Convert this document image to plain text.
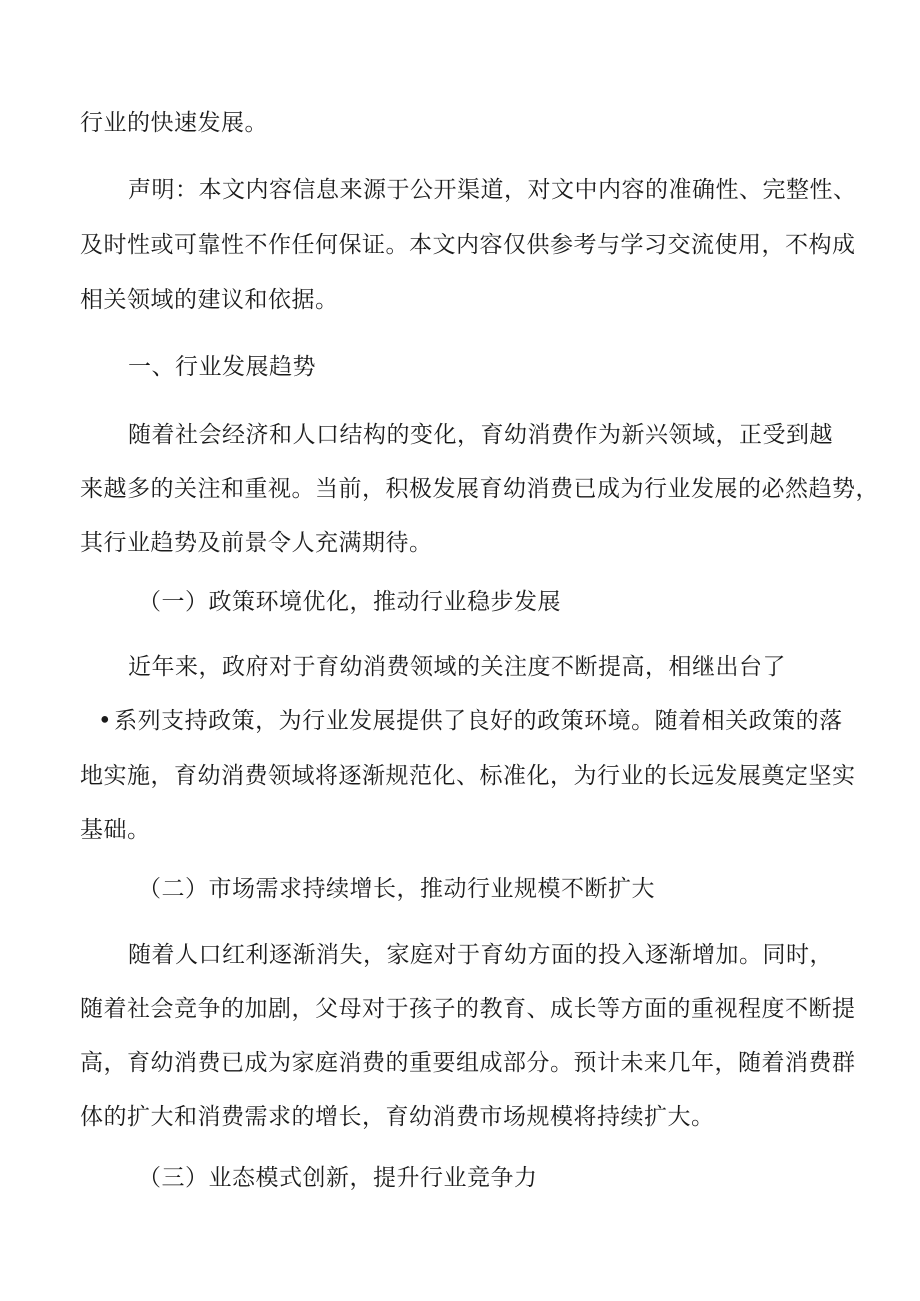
行业的快速发展。
声明：本文内容信息来源于公开渠道，对文中内容的准确性、完整性、
及时性或可靠性不作任何保证。本文内容仅供参考与学习交流使用，不构成
相关领域的建议和依据。
一、行业发展趋势
随着社会经济和人口结构的变化，育幼消费作为新兴领域，正受到越
来越多的关注和重视。当前，积极发展育幼消费已成为行业发展的必然趋势，
其行业趋势及前景令人充满期待。
（一）政策环境优化，推动行业稳步发展
近年来，政府对于育幼消费领域的关注度不断提高，相继出台了
•系列支持政策，为行业发展提供了良好的政策环境。随着相关政策的落
地实施，育幼消费领域将逐渐规范化、标准化，为行业的长远发展奠定坚实
基础。
（二）市场需求持续增长，推动行业规模不断扩大
随着人口红利逐渐消失，家庭对于育幼方面的投入逐渐增加。同时，
随着社会竞争的加剧，父母对于孩子的教育、成长等方面的重视程度不断提
高，育幼消费已成为家庭消费的重要组成部分。预计未来几年，随着消费群
体的扩大和消费需求的增长，育幼消费市场规模将持续扩大。
（三）业态模式创新，提升行业竞争力
